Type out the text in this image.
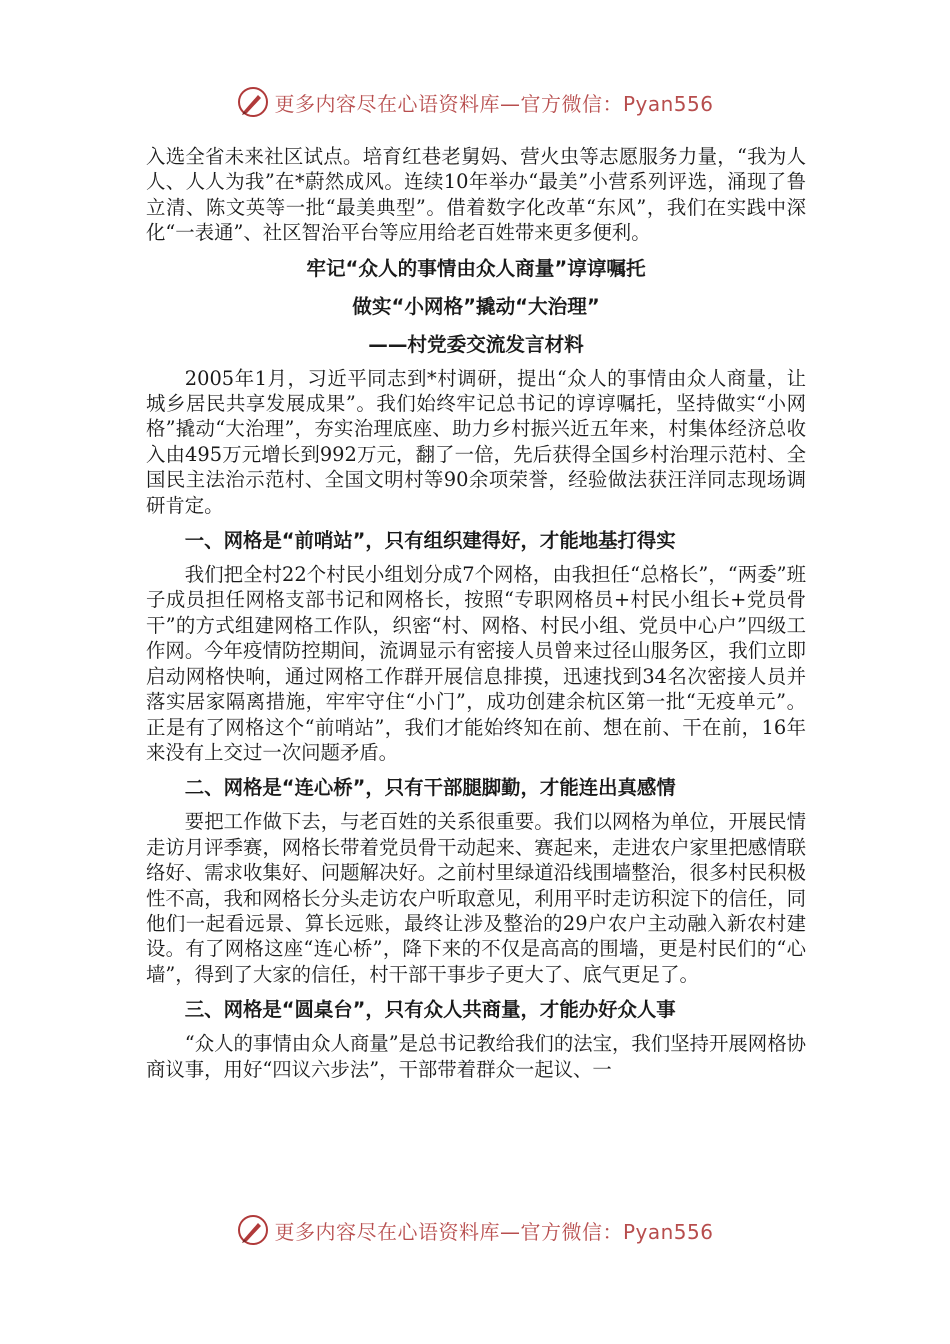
更多内容尽在心语资料库—官方微信：Pyan556

入选全省未来社区试点。培育红巷老舅妈、营火虫等志愿服务力量，“我为人人、人人为我”在*蔚然成风。连续10年举办“最美”小营系列评选，涌现了鲁立清、陈文英等一批“最美典型”。借着数字化改革“东风”，我们在实践中深化“一表通”、社区智治平台等应用给老百姓带来更多便利。

牢记“众人的事情由众人商量”谆谆嘱托

做实“小网格”撬动“大治理”

——村党委交流发言材料

2005年1月，习近平同志到*村调研，提出“众人的事情由众人商量，让城乡居民共享发展成果”。我们始终牢记总书记的谆谆嘱托，坚持做实“小网格”撬动“大治理”，夯实治理底座、助力乡村振兴近五年来，村集体经济总收入由495万元增长到992万元，翻了一倍，先后获得全国乡村治理示范村、全国民主法治示范村、全国文明村等90余项荣誉，经验做法获汪洋同志现场调研肯定。

一、网格是“前哨站”，只有组织建得好，才能地基打得实

我们把全村22个村民小组划分成7个网格，由我担任“总格长”，“两委”班子成员担任网格支部书记和网格长，按照“专职网格员+村民小组长+党员骨干”的方式组建网格工作队，织密“村、网格、村民小组、党员中心户”四级工作网。今年疫情防控期间，流调显示有密接人员曾来过径山服务区，我们立即启动网格快响，通过网格工作群开展信息排摸，迅速找到34名次密接人员并落实居家隔离措施，牢牢守住“小门”，成功创建余杭区第一批“无疫单元”。正是有了网格这个“前哨站”，我们才能始终知在前、想在前、干在前，16年来没有上交过一次问题矛盾。

二、网格是“连心桥”，只有干部腿脚勤，才能连出真感情

要把工作做下去，与老百姓的关系很重要。我们以网格为单位，开展民情走访月评季赛，网格长带着党员骨干动起来、赛起来，走进农户家里把感情联络好、需求收集好、问题解决好。之前村里绿道沿线围墙整治，很多村民积极性不高，我和网格长分头走访农户听取意见，利用平时走访积淀下的信任，同他们一起看远景、算长远账，最终让涉及整治的29户农户主动融入新农村建设。有了网格这座“连心桥”，降下来的不仅是高高的围墙，更是村民们的“心墙”，得到了大家的信任，村干部干事步子更大了、底气更足了。

三、网格是“圆桌台”，只有众人共商量，才能办好众人事

“众人的事情由众人商量”是总书记教给我们的法宝，我们坚持开展网格协商议事，用好“四议六步法”，干部带着群众一起议、一

更多内容尽在心语资料库—官方微信：Pyan556
